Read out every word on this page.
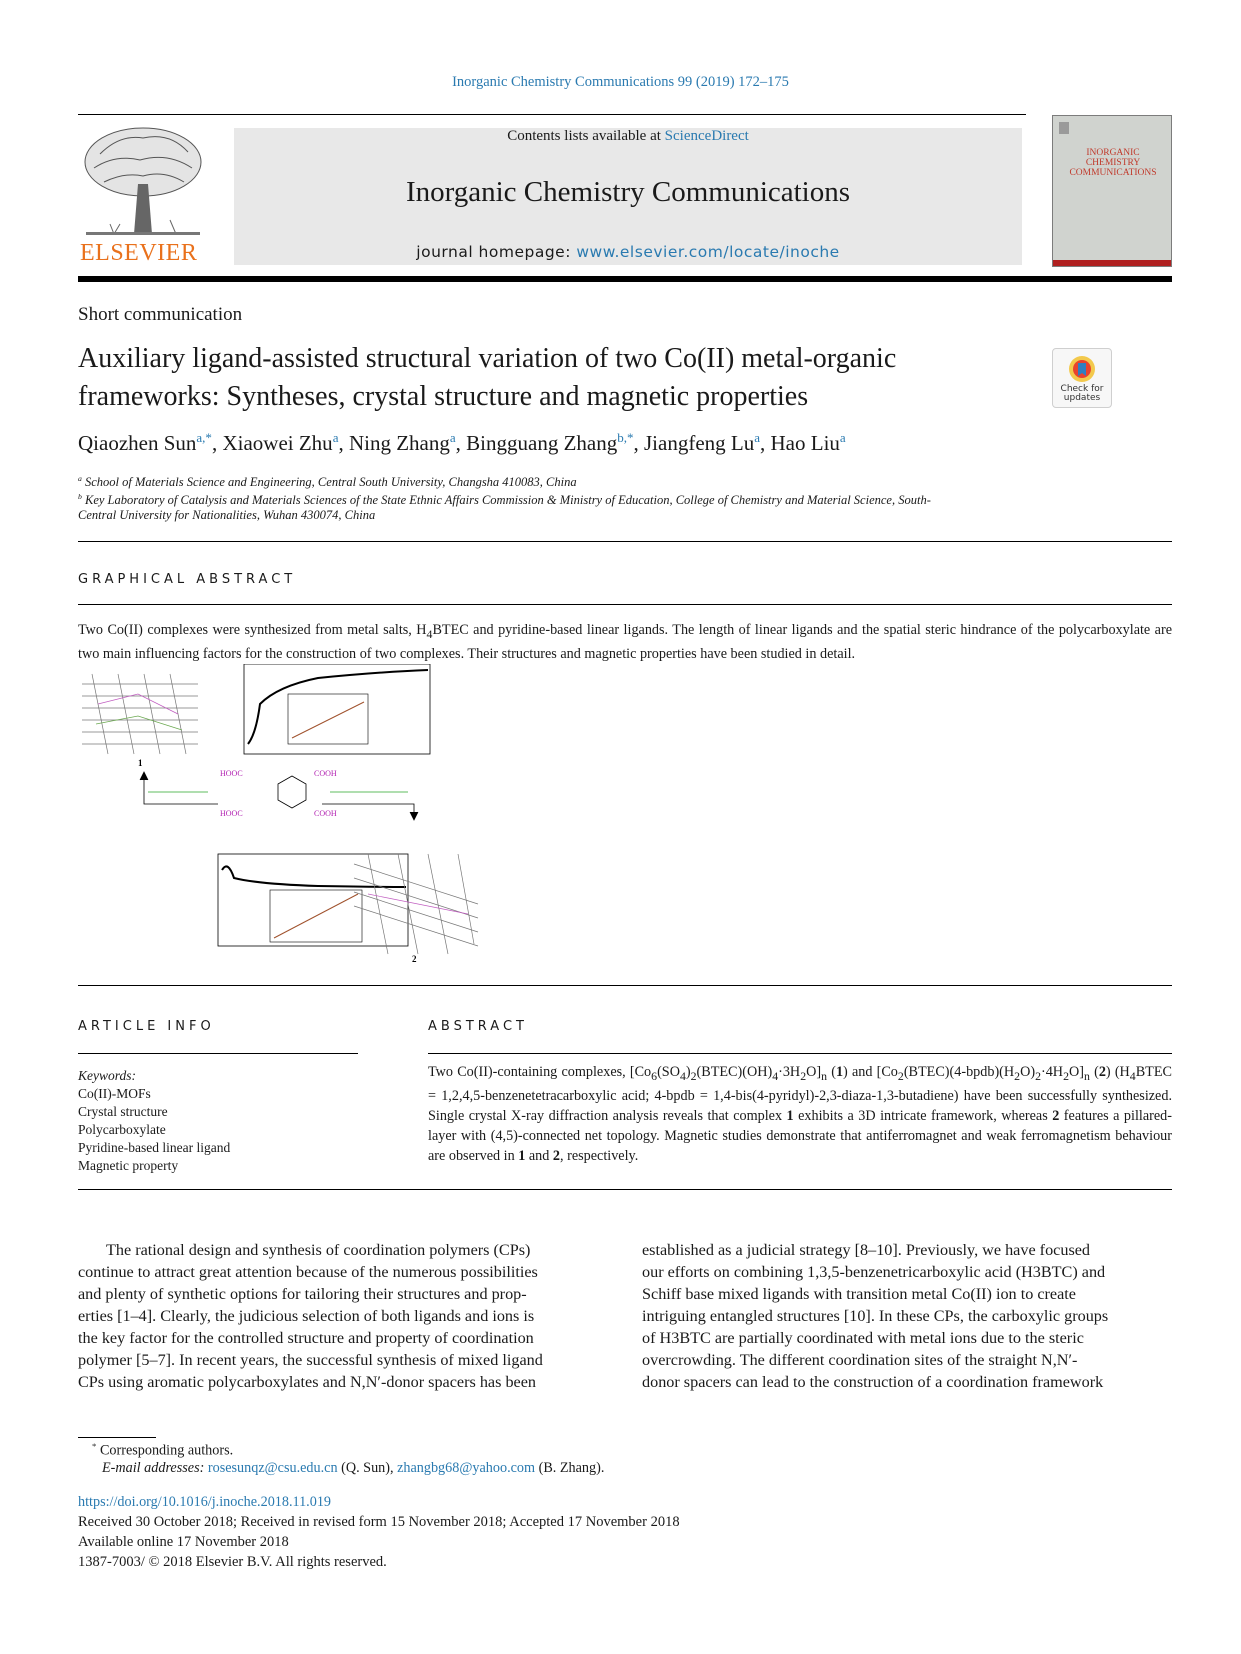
Inorganic Chemistry Communications 99 (2019) 172–175
ELSEVIER
Contents lists available at ScienceDirect
Inorganic Chemistry Communications
journal homepage: www.elsevier.com/locate/inoche
INORGANIC CHEMISTRY COMMUNICATIONS
Short communication
Auxiliary ligand-assisted structural variation of two Co(II) metal-organic frameworks: Syntheses, crystal structure and magnetic properties	Check for updates
Qiaozhen Sun$^{a,*}$, Xiaowei Zhu$^a$, Ning Zhang$^a$, Bingguang Zhang$^{b,*}$, Jiangfeng Lu$^a$, Hao Liu$^a$
$^a$ School of Materials Science and Engineering, Central South University, Changsha 410083, China
$^b$ Key Laboratory of Catalysis and Materials Sciences of the State Ethnic Affairs Commission & Ministry of Education, College of Chemistry and Material Science, South-
Central University for Nationalities, Wuhan 430074, China
GRAPHICAL ABSTRACT
Two Co(II) complexes were synthesized from metal salts, $H_4BTEC$ and pyridine-based linear ligands. The length of linear ligands and the spatial steric hindrance of the polycarboxylate are two main influencing factors for the construction of two complexes. Their structures and magnetic properties have been studied in detail.
1
HOOC
HOOC
COOH
COOH
2
ARTICLE INFO
Keywords:
Co(II)-MOFs
Crystal structure
Polycarboxylate
Pyridine-based linear ligand
Magnetic property
ABSTRACT
Two Co(II)-containing complexes, $[Co_6(SO_4)_2(BTEC)(OH)_4\cdot 3H_2O]_n$ (1) and $[Co_2(BTEC)(4-bpdb)(H_2O)_2\cdot 4H_2O]_n$ (2) ($H_4BTEC$ = 1,2,4,5-benzenetetracarboxylic acid; 4-bpdb = 1,4-bis(4-pyridyl)-2,3-diaza-1,3-butadiene) have been successfully synthesized. Single crystal X-ray diffraction analysis reveals that complex 1 exhibits a 3D intricate framework, whereas 2 features a pillared-layer with (4,5)-connected net topology. Magnetic studies demonstrate that antiferromagnet and weak ferromagnetism behaviour are observed in 1 and 2, respectively.
The rational design and synthesis of coordination polymers (CPs)
continue to attract great attention because of the numerous possibilities
and plenty of synthetic options for tailoring their structures and prop-
erties [1–4]. Clearly, the judicious selection of both ligands and ions is
the key factor for the controlled structure and property of coordination
polymer [5–7]. In recent years, the successful synthesis of mixed ligand
CPs using aromatic polycarboxylates and N,N′-donor spacers has been
established as a judicial strategy [8–10]. Previously, we have focused
our efforts on combining 1,3,5-benzenetricarboxylic acid (H3BTC) and
Schiff base mixed ligands with transition metal Co(II) ion to create
intriguing entangled structures [10]. In these CPs, the carboxylic groups
of H3BTC are partially coordinated with metal ions due to the steric
overcrowding. The different coordination sites of the straight N,N′-
donor spacers can lead to the construction of a coordination framework
* Corresponding authors.
E-mail addresses: rosesunqz@csu.edu.cn (Q. Sun), zhangbg68@yahoo.com (B. Zhang).
https://doi.org/10.1016/j.inoche.2018.11.019
Received 30 October 2018; Received in revised form 15 November 2018; Accepted 17 November 2018
Available online 17 November 2018
1387-7003/ © 2018 Elsevier B.V. All rights reserved.
